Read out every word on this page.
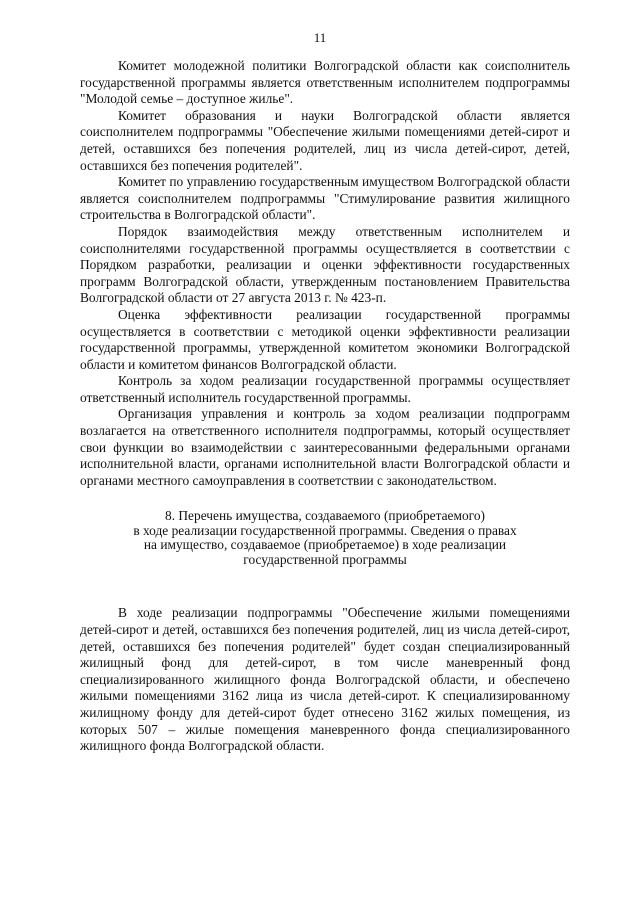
11

Комитет молодежной политики Волгоградской области как соисполнитель государственной программы является ответственным исполнителем подпрограммы "Молодой семье – доступное жилье".

Комитет образования и науки Волгоградской области является соисполнителем подпрограммы "Обеспечение жилыми помещениями детей-сирот и детей, оставшихся без попечения родителей, лиц из числа детей-сирот, детей, оставшихся без попечения родителей".

Комитет по управлению государственным имуществом Волгоградской области является соисполнителем подпрограммы "Стимулирование развития жилищного строительства в Волгоградской области".

Порядок взаимодействия между ответственным исполнителем и соисполнителями государственной программы осуществляется в соответствии с Порядком разработки, реализации и оценки эффективности государственных программ Волгоградской области, утвержденным постановлением Правительства Волгоградской области от 27 августа 2013 г. № 423-п.

Оценка эффективности реализации государственной программы осуществляется в соответствии с методикой оценки эффективности реализации государственной программы, утвержденной комитетом экономики Волгоградской области и комитетом финансов Волгоградской области.

Контроль за ходом реализации государственной программы осуществляет ответственный исполнитель государственной программы.

Организация управления и контроль за ходом реализации подпрограмм возлагается на ответственного исполнителя подпрограммы, который осуществляет свои функции во взаимодействии с заинтересованными федеральными органами исполнительной власти, органами исполнительной власти Волгоградской области и органами местного самоуправления в соответствии с законодательством.

8. Перечень имущества, создаваемого (приобретаемого)
в ходе реализации государственной программы. Сведения о правах
на имущество, создаваемое (приобретаемое) в ходе реализации
государственной программы

В ходе реализации подпрограммы "Обеспечение жилыми помещениями детей-сирот и детей, оставшихся без попечения родителей, лиц из числа детей-сирот, детей, оставшихся без попечения родителей" будет создан специализированный жилищный фонд для детей-сирот, в том числе маневренный фонд специализированного жилищного фонда Волгоградской области, и обеспечено жилыми помещениями 3162 лица из числа детей-сирот. К специализированному жилищному фонду для детей-сирот будет отнесено 3162 жилых помещения, из которых 507 – жилые помещения маневренного фонда специализированного жилищного фонда Волгоградской области.
